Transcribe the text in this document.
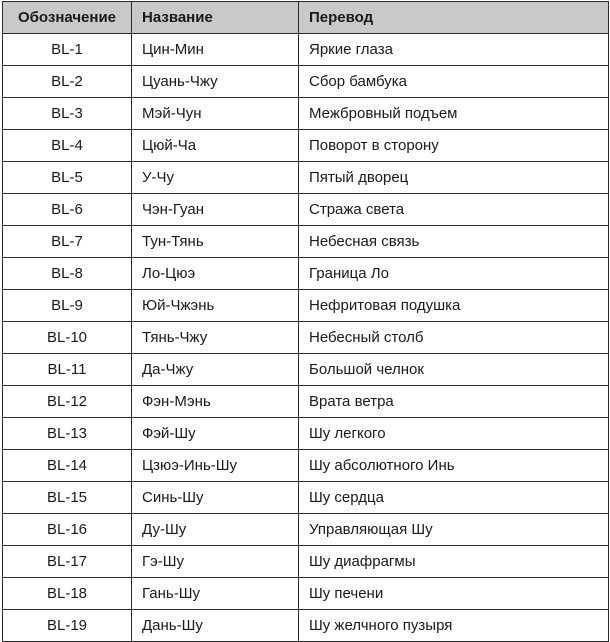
Обозначение	Название	Перевод
BL-1	Цин-Мин	Яркие глаза
BL-2	Цуань-Чжу	Сбор бамбука
BL-3	Мэй-Чун	Межбровный подъем
BL-4	Цюй-Ча	Поворот в сторону
BL-5	У-Чу	Пятый дворец
BL-6	Чэн-Гуан	Стража света
BL-7	Тун-Тянь	Небесная связь
BL-8	Ло-Цюэ	Граница Ло
BL-9	Юй-Чжэнь	Нефритовая подушка
BL-10	Тянь-Чжу	Небесный столб
BL-11	Да-Чжу	Большой челнок
BL-12	Фэн-Мэнь	Врата ветра
BL-13	Фэй-Шу	Шу легкого
BL-14	Цзюэ-Инь-Шу	Шу абсолютного Инь
BL-15	Синь-Шу	Шу сердца
BL-16	Ду-Шу	Управляющая Шу
BL-17	Гэ-Шу	Шу диафрагмы
BL-18	Гань-Шу	Шу печени
BL-19	Дань-Шу	Шу желчного пузыря
